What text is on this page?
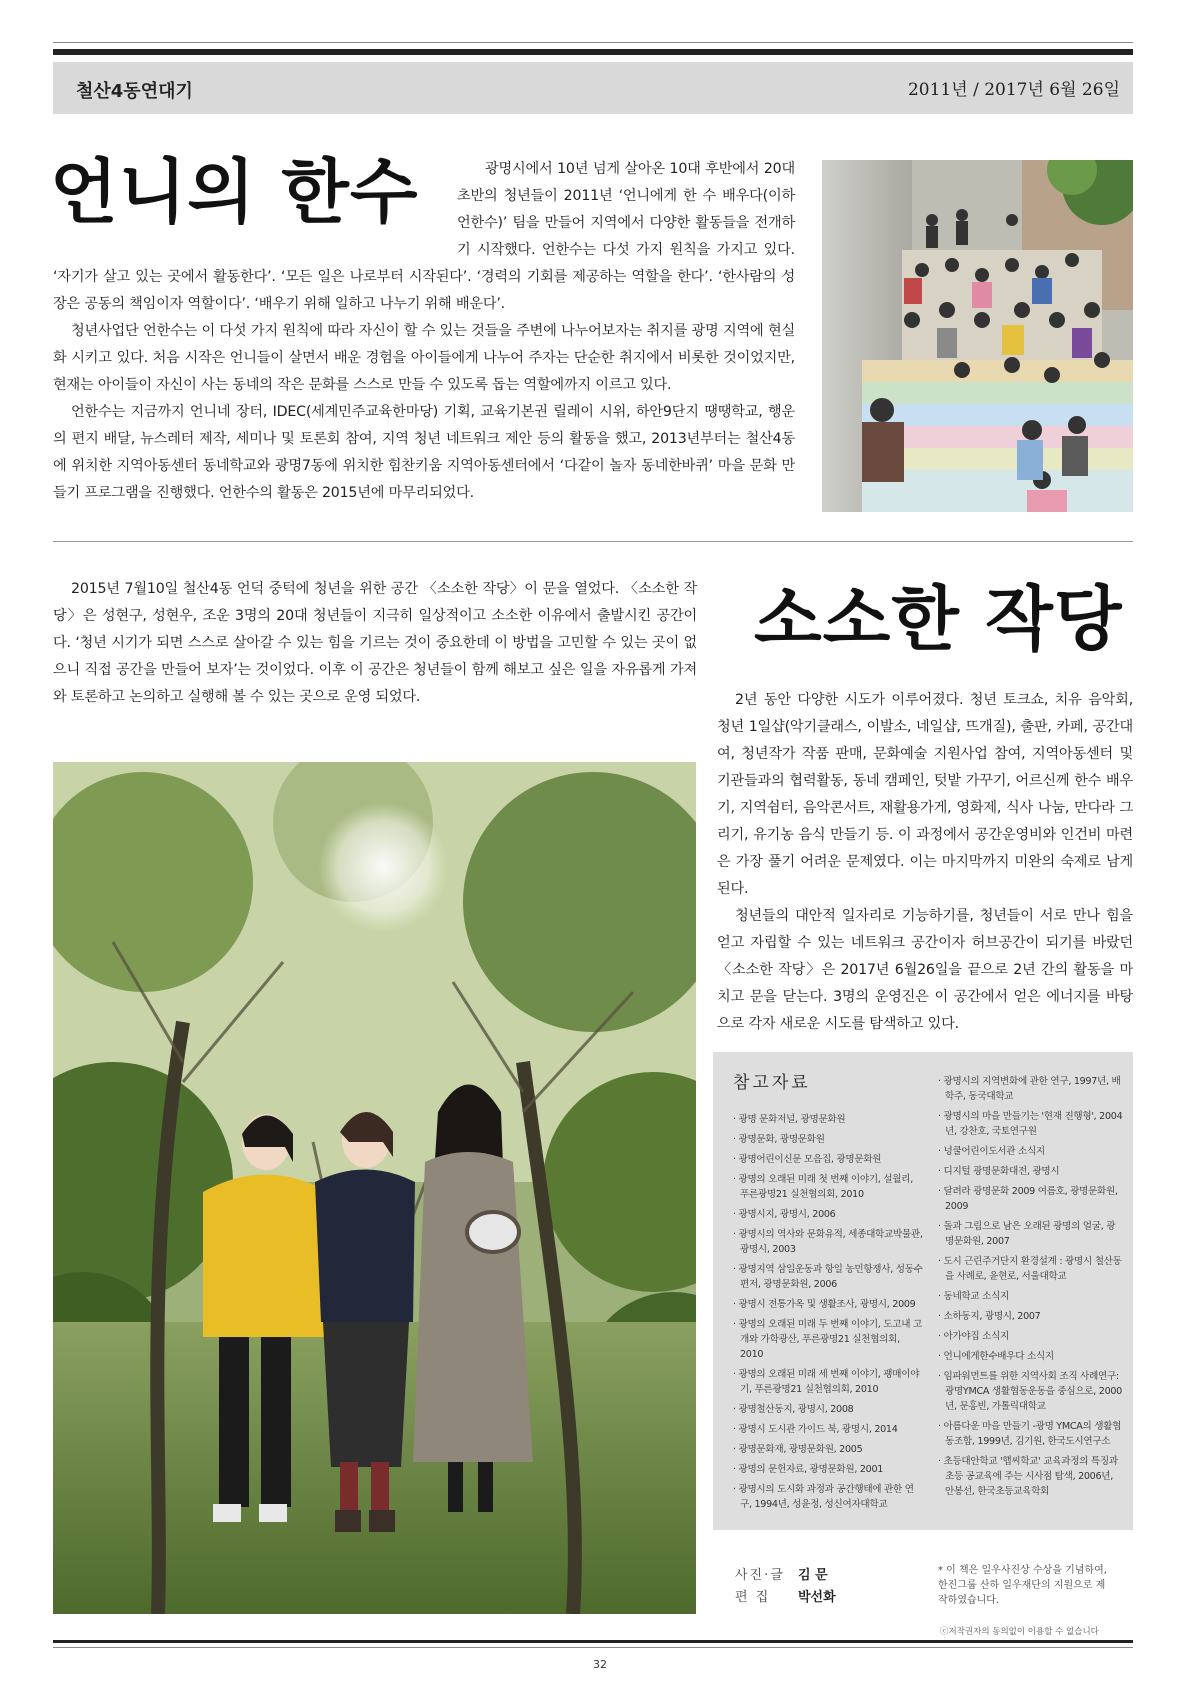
철산4동연대기	2011년 / 2017년 6월 26일
언니의 한수	광명시에서 10년 넘게 살아온 10대 후반에서 20대 초반의 청년들이 2011년 ‘언니에게 한 수 배우다(이하 언한수)’ 팀을 만들어 지역에서 다양한 활동들을 전개하기 시작했다. 언한수는 다섯 가지 원칙을 가지고 있다. ‘자기가 살고 있는 곳에서 활동한다’. ‘모든 일은 나로부터 시작된다’. ‘경력의 기회를 제공하는 역할을 한다’. ‘한사람의 성장은 공동의 책임이자 역할이다’. ‘배우기 위해 일하고 나누기 위해 배운다’.

청년사업단 언한수는 이 다섯 가지 원칙에 따라 자신이 할 수 있는 것들을 주변에 나누어보자는 취지를 광명 지역에 현실화 시키고 있다. 처음 시작은 언니들이 살면서 배운 경험을 아이들에게 나누어 주자는 단순한 취지에서 비롯한 것이었지만, 현재는 아이들이 자신이 사는 동네의 작은 문화를 스스로 만들 수 있도록 돕는 역할에까지 이르고 있다.

언한수는 지금까지 언니네 장터, IDEC(세계민주교육한마당) 기획, 교육기본권 릴레이 시위, 하안9단지 땡땡학교, 행운의 편지 배달, 뉴스레터 제작, 세미나 및 토론회 참여, 지역 청년 네트워크 제안 등의 활동을 했고, 2013년부터는 철산4동에 위치한 지역아동센터 동네학교와 광명7동에 위치한 힘찬키움 지역아동센터에서 ‘다같이 놀자 동네한바퀴’ 마을 문화 만들기 프로그램을 진행했다. 언한수의 활동은 2015년에 마무리되었다.

2015년 7월10일 철산4동 언덕 중턱에 청년을 위한 공간 〈소소한 작당〉이 문을 열었다. 〈소소한 작당〉은 성현구, 성현우, 조운 3명의 20대 청년들이 지극히 일상적이고 소소한 이유에서 출발시킨 공간이다. ‘청년 시기가 되면 스스로 살아갈 수 있는 힘을 기르는 것이 중요한데 이 방법을 고민할 수 있는 곳이 없으니 직접 공간을 만들어 보자’는 것이었다. 이후 이 공간은 청년들이 함께 해보고 싶은 일을 자유롭게 가져와 토론하고 논의하고 실행해 볼 수 있는 곳으로 운영 되었다.

소소한 작당

2년 동안 다양한 시도가 이루어졌다. 청년 토크쇼, 치유 음악회, 청년 1일샵(악기클래스, 이발소, 네일샵, 뜨개질), 출판, 카페, 공간대여, 청년작가 작품 판매, 문화예술 지원사업 참여, 지역아동센터 및 기관들과의 협력활동, 동네 캠페인, 텃밭 가꾸기, 어르신께 한수 배우기, 지역쉼터, 음악콘서트, 재활용가게, 영화제, 식사 나눔, 만다라 그리기, 유기농 음식 만들기 등. 이 과정에서 공간운영비와 인건비 마련은 가장 풀기 어려운 문제였다. 이는 마지막까지 미완의 숙제로 남게 된다.

청년들의 대안적 일자리로 기능하기를, 청년들이 서로 만나 힘을 얻고 자립할 수 있는 네트워크 공간이자 허브공간이 되기를 바랐던 〈소소한 작당〉은 2017년 6월26일을 끝으로 2년 간의 활동을 마치고 문을 닫는다. 3명의 운영진은 이 공간에서 얻은 에너지를 바탕으로 각자 새로운 시도를 탐색하고 있다.

참고자료
· 광명 문화저널, 광명문화원
· 광명문화, 광명문화원
· 광명어린이신문 모음집, 광명문화원
· 광명의 오래된 미래 첫 번째 이야기, 설월리, 푸른광명21 실천협의회, 2010
· 광명시지, 광명시, 2006
· 광명시의 역사와 문화유적, 세종대학교박물관, 광명시, 2003
· 광명지역 삼일운동과 항일 농민항쟁사, 성동수 편저, 광명문화원, 2006
· 광명시 전통가옥 및 생활조사, 광명시, 2009
· 광명의 오래된 미래 두 번째 이야기, 도고내 고개와 가학광산, 푸른광명21 실천협의회, 2010
· 광명의 오래된 미래 세 번째 이야기, 괭매이야기, 푸른광명21 실천협의회, 2010
· 광명철산동지, 광명시, 2008
· 광명시 도시관 가이드 북, 광명시, 2014
· 광명문화재, 광명문화원, 2005
· 광명의 문헌자료, 광명문화원, 2001
· 광명시의 도시화 과정과 공간행태에 관한 연구, 1994년, 성윤정, 성신여자대학교
· 광명시의 지역변화에 관한 연구, 1997년, 배학주, 동국대학교
· 광명시의 마을 만들기는 '현재 진행형', 2004년, 강찬호, 국토연구원
· 넝쿨어린이도서관 소식지
· 디지털 광명문화대전, 광명시
· 달려라 광명문화 2009 여름호, 광명문화원, 2009
· 돌과 그림으로 남은 오래된 광명의 얼굴, 광명문화원, 2007
· 도시 근린주거단지 환경설계 : 광명시 철산동을 사례로, 윤현로, 서울대학교
· 동네학교 소식지
· 소하동지, 광명시, 2007
· 아가야집 소식지
· 언니에게한수배우다 소식지
· 임파워먼트를 위한 지역사회 조직 사례연구:광명YMCA 생활협동운동을 중심으로, 2000년, 문홍빈, 가톨릭대학교
· 아름다운 마을 만들기 -광명 YMCA의 생활협동조합, 1999년, 김기원, 한국도시연구소
· 초등대안학교 '햅씨학교' 교육과정의 특징과 초등 공교육에 주는 시사점 탐색, 2006년, 안봉선, 한국초등교육학회
사진·글 김 문
편 집 박선화
* 이 책은 일우사진상 수상을 기념하여, 한진그룹 산하 일우재단의 지원으로 제작하였습니다.
ⓒ저작권자의 동의없이 이용할 수 없습니다
32
